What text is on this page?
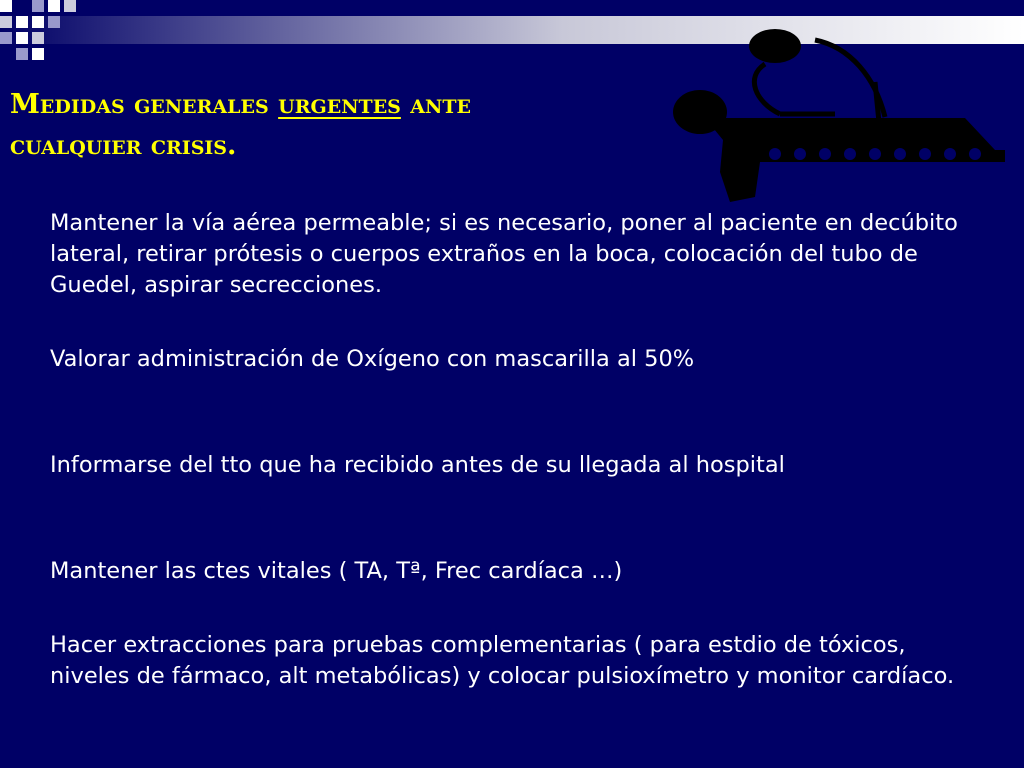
Medidas generales urgentes ante
cualquier crisis.
Mantener la vía aérea permeable; si es necesario, poner al paciente en decúbito lateral, retirar prótesis o cuerpos extraños en la boca, colocación del tubo de Guedel, aspirar secrecciones.
Valorar administración de Oxígeno con mascarilla al 50%
Informarse del tto que ha recibido antes de su llegada al hospital
Mantener las ctes vitales ( TA, Tª, Frec cardíaca …)
Hacer extracciones para pruebas complementarias ( para estdio de tóxicos, niveles de fármaco, alt metabólicas) y colocar pulsioxímetro y monitor cardíaco.
